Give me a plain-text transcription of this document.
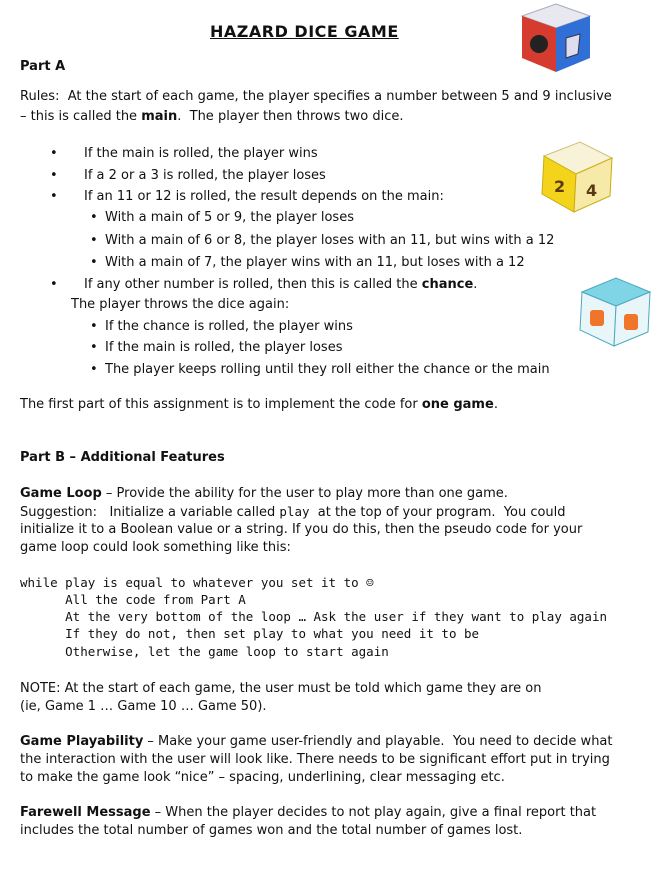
HAZARD DICE GAME
2 4
Part A
Rules:  At the start of each game, the player specifies a number between 5 and 9 inclusive
– this is called the main.  The player then throws two dice.
• If the main is rolled, the player wins
• If a 2 or a 3 is rolled, the player loses
• If an 11 or 12 is rolled, the result depends on the main:
• With a main of 5 or 9, the player loses
• With a main of 6 or 8, the player loses with an 11, but wins with a 12
• With a main of 7, the player wins with an 11, but loses with a 12
• If any other number is rolled, then this is called the chance.
The player throws the dice again:
• If the chance is rolled, the player wins
• If the main is rolled, the player loses
• The player keeps rolling until they roll either the chance or the main
The first part of this assignment is to implement the code for one game.
Part B – Additional Features
Game Loop – Provide the ability for the user to play more than one game.
Suggestion:   Initialize a variable called play  at the top of your program.  You could
initialize it to a Boolean value or a string. If you do this, then the pseudo code for your
game loop could look something like this:
while play is equal to whatever you set it to ☺
All the code from Part A
At the very bottom of the loop … Ask the user if they want to play again
If they do not, then set play to what you need it to be
Otherwise, let the game loop to start again
NOTE: At the start of each game, the user must be told which game they are on
(ie, Game 1 … Game 10 … Game 50).
Game Playability – Make your game user-friendly and playable.  You need to decide what
the interaction with the user will look like. There needs to be significant effort put in trying
to make the game look “nice” – spacing, underlining, clear messaging etc.
Farewell Message – When the player decides to not play again, give a final report that
includes the total number of games won and the total number of games lost.
